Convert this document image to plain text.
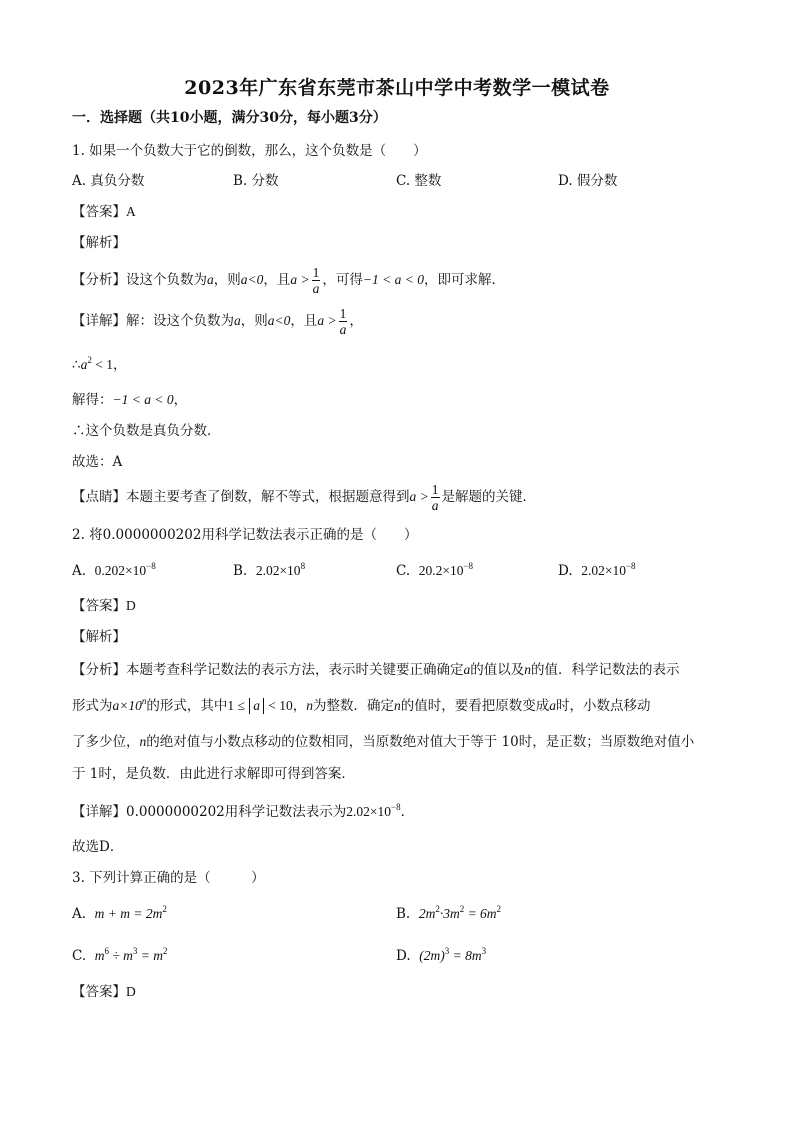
2023年广东省东莞市茶山中学中考数学一模试卷
一．选择题（共10小题，满分30分，每小题3分）
1. 如果一个负数大于它的倒数，那么，这个负数是（　　）
A. 真负分数	B. 分数	C. 整数	D. 假分数
【答案】A
【解析】
【分析】设这个负数为a，则a<0，且$a > \frac{1}{a}$ ，可得−1 < a < 0，即可求解．
【详解】解：设这个负数为a，则a<0，且$a > \frac{1}{a}$ ，
$\therefore a^2 < 1$，
解得：−1 < a < 0，
∴这个负数是真负分数．
故选：A
【点睛】本题主要考查了倒数，解不等式，根据题意得到$a > \frac{1}{a}$ 是解题的关键．
2. 将0.0000000202用科学记数法表示正确的是（　　）
A. $0.202\times 10^{-8}$	B. $2.02\times 10^8$	C. $20.2\times 10^{-8}$	D. $2.02\times 10^{-8}$
【答案】D
【解析】
【分析】本题考查科学记数法的表示方法，表示时关键要正确确定a的值以及n的值．科学记数法的表示
形式为$a\times 10^n$的形式，其中1 ≤ a < 10，n为整数．确定n的值时，要看把原数变成a时，小数点移动
了多少位，n的绝对值与小数点移动的位数相同，当原数绝对值大于等于 10时，是正数；当原数绝对值小
于 1时，是负数．由此进行求解即可得到答案．
【详解】0.0000000202用科学记数法表示为$2.02\times 10^{-8}$．
故选D．
3. 下列计算正确的是（　　　）
A. $m + m = 2m^2$	B. $2m^2\cdot 3m^2 = 6m^2$
C. $m^6 \div m^3 = m^2$	D. $(2m)^3 = 8m^3$
【答案】D
